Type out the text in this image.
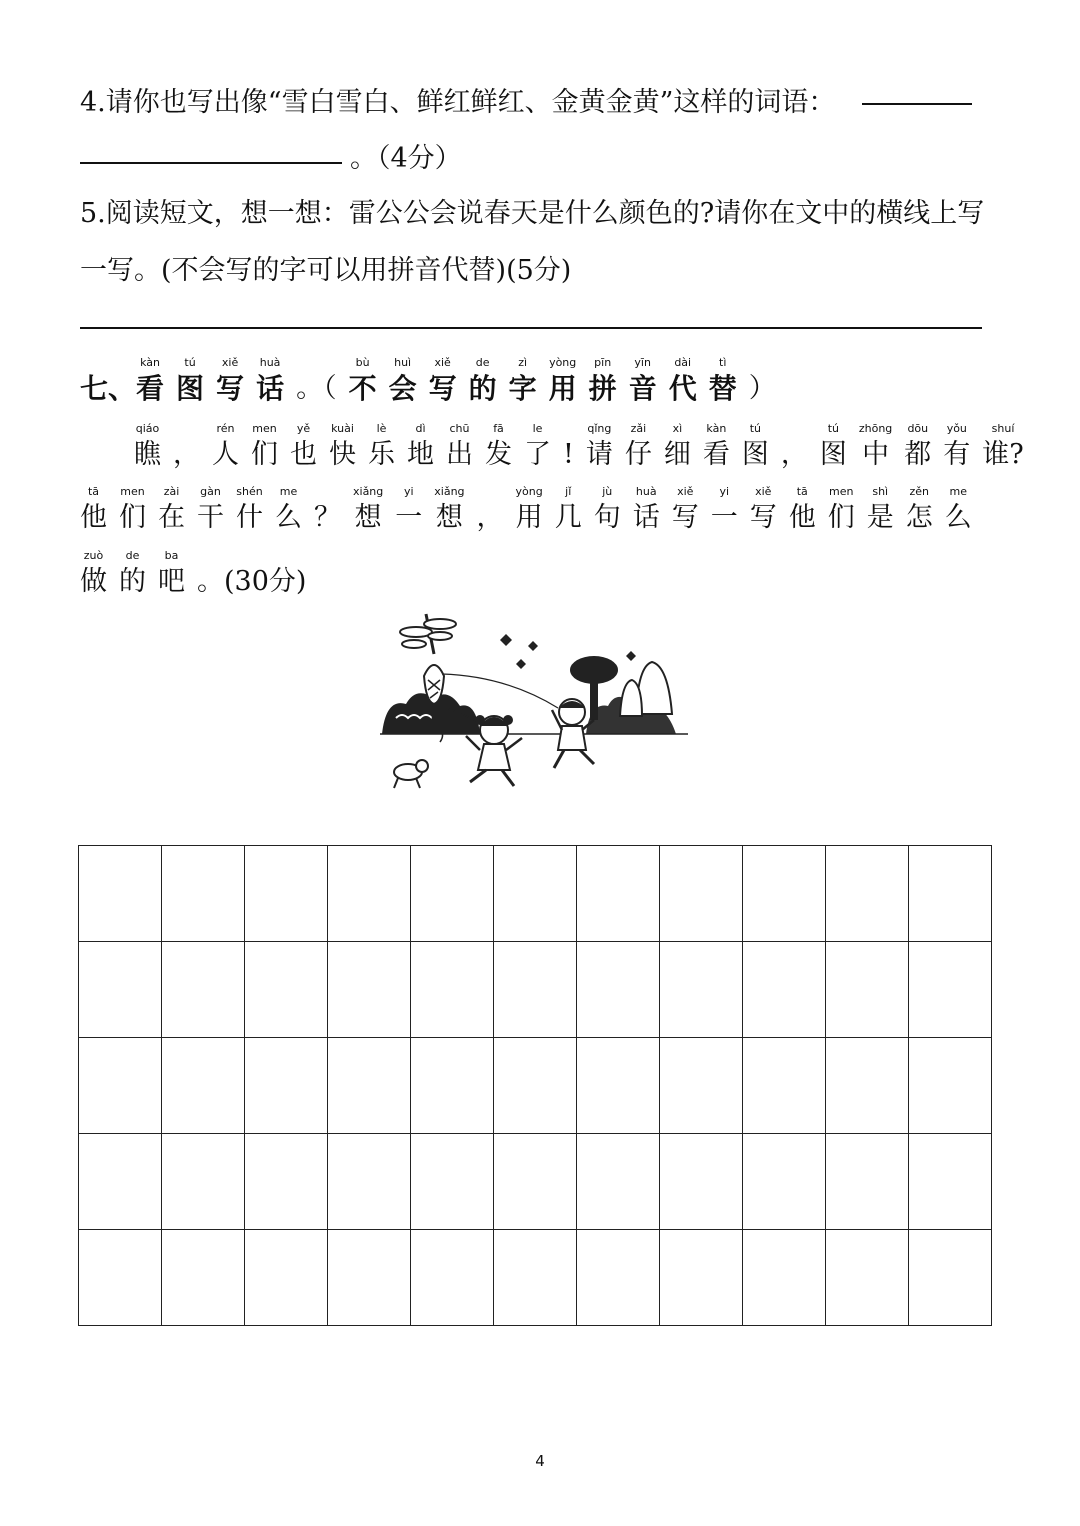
4.请你也写出像“雪白雪白、鲜红鲜红、金黄金黄”这样的词语：
。（4分）
5.阅读短文，想一想：雷公公会说春天是什么颜色的?请你在文中的横线上写
一写。(不会写的字可以用拼音代替)(5分)
七、
kàn
看
tú
图
xiě
写
huà
话 。（
bù
不
huì
会
xiě
写
de
的
zì
字
yòng
用
pīn
拼
yīn
音
dài
代
tì
替 ）
qiáo
瞧 ，
rén
人
men
们
yě
也
kuài
快
lè
乐
dì
地
chū
出
fā
发
le
了 !
qǐng
请
zǎi
仔
xì
细
kàn
看
tú
图 ，
tú
图
zhōng
中
dōu
都
yǒu
有
shuí
谁?
tā
他
men
们
zài
在
gàn
干
shén
什
me
么 ？
xiǎng
想
yi
一
xiǎng
想 ，
yòng
用
jǐ
几
jù
句
huà
话
xiě
写
yi
一
xiě
写
tā
他
men
们
shì
是
zěn
怎
me
么
zuò
做
de
的
ba
吧 。(30分)

4
